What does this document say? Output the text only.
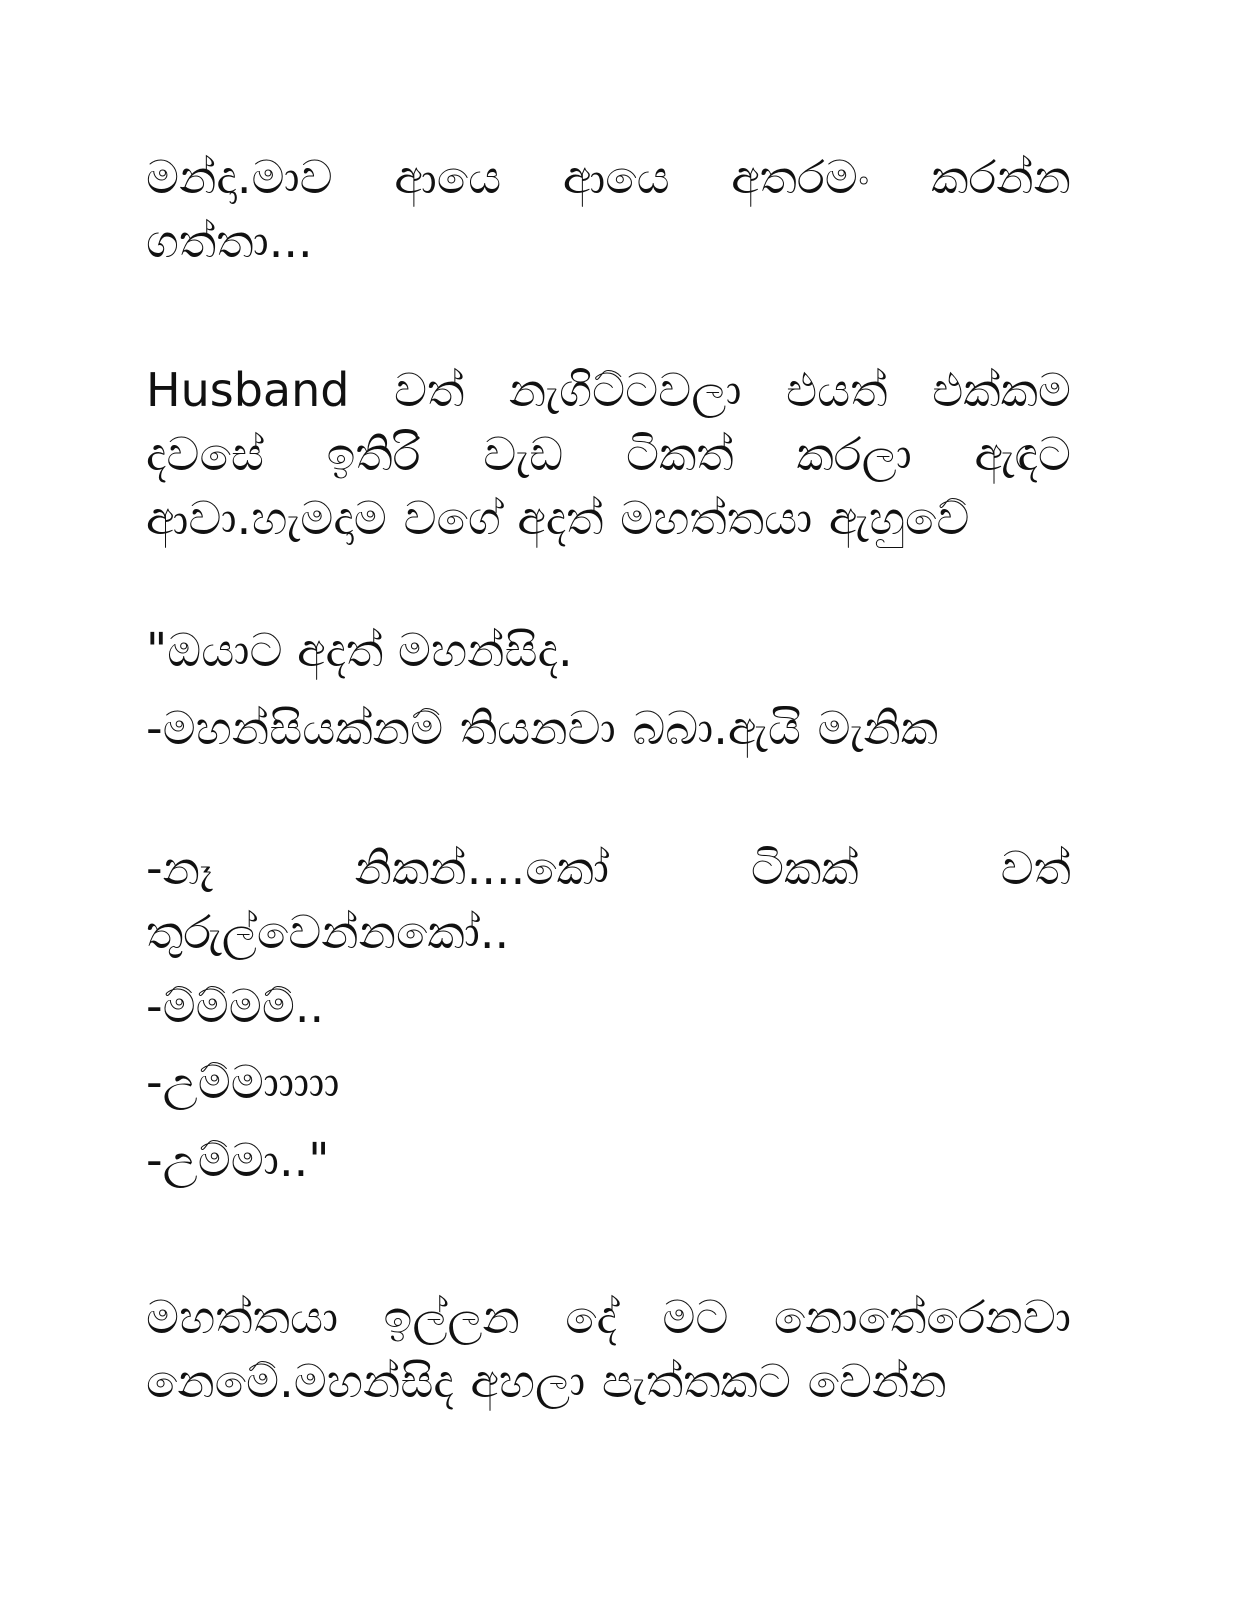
මන්දා.මාව ආයෙ ආයෙ අතරමං කරන්න ගත්තා...

Husband වත් නැගිට්ටවලා එයත් එක්කම දවසේ ඉතිරි වැඩ ටිකත් කරලා ඇඳට ආවා.හැමදාම වගේ අදත් මහත්තයා ඇහුවේ

"ඔයාට අදත් මහන්සිද.

-මහන්සියක්නම් තියනවා බබා.ඇයි මැනික

-නෑ නිකන්....කෝ ටිකක් වත් තුරුල්වෙන්නකෝ..

-ම්ම්මම්..

-උම්මාාාාා

-උම්මා.."

මහත්තයා ඉල්ලන දේ මට නොතේරෙනවා නෙමේ.මහන්සිද අහලා පැත්තකට වෙන්න
